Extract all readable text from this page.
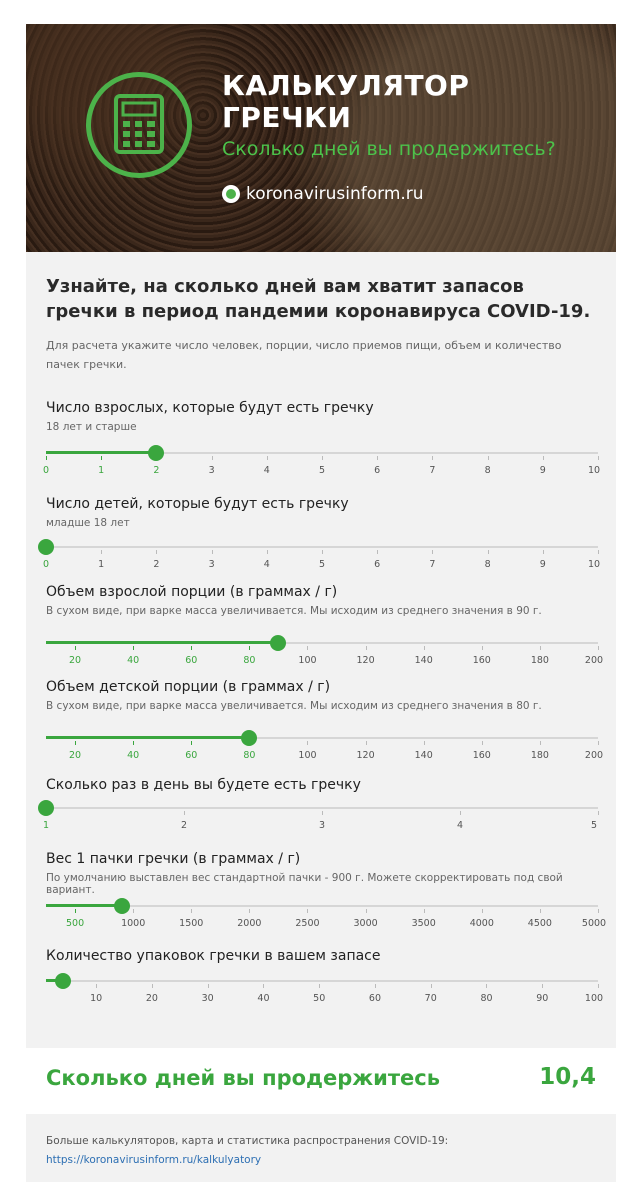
КАЛЬКУЛЯТОР
ГРЕЧКИ
Сколько дней вы продержитесь?
koronavirusinform.ru

Узнайте, на сколько дней вам хватит запасов гречки в период пандемии коронавируса COVID-19.

Для расчета укажите число человек, порции, число приемов пищи, объем и количество пачек гречки.
Число взрослых, которые будут есть гречку
18 лет и старше
0	1	2	3	4	5	6	7	8	9	10
Число детей, которые будут есть гречку
младше 18 лет
0	1	2	3	4	5	6	7	8	9	10
Объем взрослой порции (в граммах / г)
В сухом виде, при варке масса увеличивается. Мы исходим из среднего значения в 90 г.
20	40	60	80	100	120	140	160	180	200
Объем детской порции (в граммах / г)
В сухом виде, при варке масса увеличивается. Мы исходим из среднего значения в 80 г.
20	40	60	80	100	120	140	160	180	200
Сколько раз в день вы будете есть гречку
1	2	3	4	5
Вес 1 пачки гречки (в граммах / г)
По умолчанию выставлен вес стандартной пачки - 900 г. Можете скорректировать под свой вариант.
500	1000	1500	2000	2500	3000	3500	4000	4500	5000
Количество упаковок гречки в вашем запасе
10	20	30	40	50	60	70	80	90	100
Сколько дней вы продержитесь	10,4
Больше калькуляторов, карта и статистика распространения COVID-19:
https://koronavirusinform.ru/kalkulyatory
